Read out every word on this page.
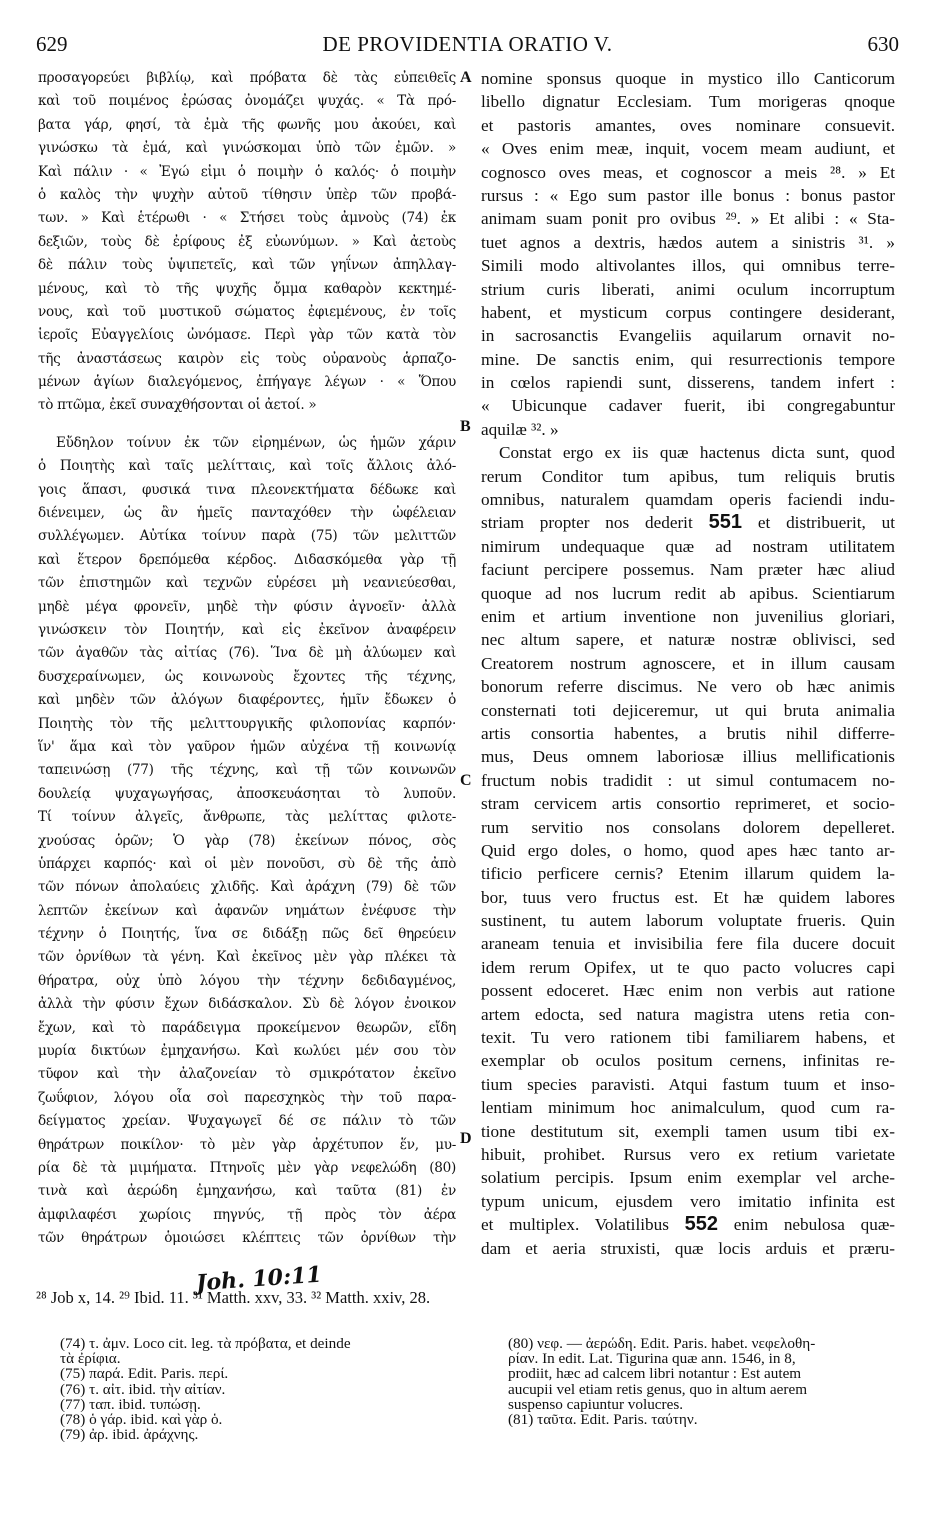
629	DE PROVIDENTIA ORATIO V.	630
προσαγορεύει βιβλίῳ, καὶ πρόβατα δὲ τὰς εὐπειθεῖς
καὶ τοῦ ποιμένος ἐρώσας ὀνομάζει ψυχάς. « Τὰ πρό-
βατα γάρ, φησί, τὰ ἐμὰ τῆς φωνῆς μου ἀκούει, καὶ
γινώσκω τὰ ἐμά, καὶ γινώσκομαι ὑπὸ τῶν ἐμῶν. »
Καὶ πάλιν · « Ἐγώ εἰμι ὁ ποιμὴν ὁ καλός· ὁ ποιμὴν
ὁ καλὸς τὴν ψυχὴν αὐτοῦ τίθησιν ὑπὲρ τῶν προβά-
των. » Καὶ ἑτέρωθι · « Στήσει τοὺς ἀμνοὺς (74) ἐκ
δεξιῶν, τοὺς δὲ ἐρίφους ἐξ εὐωνύμων. » Καὶ ἀετοὺς
δὲ πάλιν τοὺς ὑψιπετεῖς, καὶ τῶν γηΐνων ἀπηλλαγ-
μένους, καὶ τὸ τῆς ψυχῆς ὄμμα καθαρὸν κεκτημέ-
νους, καὶ τοῦ μυστικοῦ σώματος ἐφιεμένους, ἐν τοῖς
ἱεροῖς Εὐαγγελίοις ὠνόμασε. Περὶ γὰρ τῶν κατὰ τὸν
τῆς ἀναστάσεως καιρὸν εἰς τοὺς οὐρανοὺς ἁρπαζο-
μένων ἁγίων διαλεγόμενος, ἐπήγαγε λέγων · « Ὅπου
τὸ πτῶμα, ἐκεῖ συναχθήσονται οἱ ἀετοί. »
Εὔδηλον τοίνυν ἐκ τῶν εἰρημένων, ὡς ἡμῶν χάριν
ὁ Ποιητὴς καὶ ταῖς μελίτταις, καὶ τοῖς ἄλλοις ἀλό-
γοις ἅπασι, φυσικά τινα πλεονεκτήματα δέδωκε καὶ
διένειμεν, ὡς ἂν ἡμεῖς πανταχόθεν τὴν ὠφέλειαν
συλλέγωμεν. Αὐτίκα τοίνυν παρὰ (75) τῶν μελιττῶν
καὶ ἕτερον δρεπόμεθα κέρδος. Διδασκόμεθα γὰρ τῇ
τῶν ἐπιστημῶν καὶ τεχνῶν εὑρέσει μὴ νεανιεύεσθαι,
μηδὲ μέγα φρονεῖν, μηδὲ τὴν φύσιν ἀγνοεῖν· ἀλλὰ
γινώσκειν τὸν Ποιητήν, καὶ εἰς ἐκεῖνον ἀναφέρειν
τῶν ἀγαθῶν τὰς αἰτίας (76). Ἵνα δὲ μὴ ἀλύωμεν καὶ
δυσχεραίνωμεν, ὡς κοινωνοὺς ἔχοντες τῆς τέχνης,
καὶ μηδὲν τῶν ἀλόγων διαφέροντες, ἡμῖν ἔδωκεν ὁ
Ποιητὴς τὸν τῆς μελιττουργικῆς φιλοπονίας καρπόν·
ἵν' ἅμα καὶ τὸν γαῦρον ἡμῶν αὐχένα τῇ κοινωνίᾳ
ταπεινώσῃ (77) τῆς τέχνης, καὶ τῇ τῶν κοινωνῶν
δουλείᾳ ψυχαγωγήσας, ἀποσκευάσηται τὸ λυποῦν.
Τί τοίνυν ἀλγεῖς, ἄνθρωπε, τὰς μελίττας φιλοτε-
χνούσας ὁρῶν; Ὁ γὰρ (78) ἐκείνων πόνος, σὸς
ὑπάρχει καρπός· καὶ οἱ μὲν πονοῦσι, σὺ δὲ τῆς ἀπὸ
τῶν πόνων ἀπολαύεις χλιδῆς. Καὶ ἀράχνη (79) δὲ τῶν
λεπτῶν ἐκείνων καὶ ἀφανῶν νημάτων ἐνέφυσε τὴν
τέχνην ὁ Ποιητής, ἵνα σε διδάξῃ πῶς δεῖ θηρεύειν
τῶν ὀρνίθων τὰ γένη. Καὶ ἐκεῖνος μὲν γὰρ πλέκει τὰ
θήρατρα, οὐχ ὑπὸ λόγου τὴν τέχνην δεδιδαγμένος,
ἀλλὰ τὴν φύσιν ἔχων διδάσκαλον. Σὺ δὲ λόγον ἐνοικον
ἔχων, καὶ τὸ παράδειγμα προκείμενον θεωρῶν, εἴδη
μυρία δικτύων ἐμηχανήσω. Καὶ κωλύει μέν σου τὸν
τῦφον καὶ τὴν ἀλαζονείαν τὸ σμικρότατον ἐκεῖνο
ζωΰφιον, λόγου οἷα σοὶ παρεσχηκὸς τὴν τοῦ παρα-
δείγματος χρείαν. Ψυχαγωγεῖ δέ σε πάλιν τὸ τῶν
θηράτρων ποικίλον· τὸ μὲν γὰρ ἀρχέτυπον ἕν, μυ-
ρία δὲ τὰ μιμήματα. Πτηνοῖς μὲν γὰρ νεφελώδη (80)
τινὰ καὶ ἀερώδη ἐμηχανήσω, καὶ ταῦτα (81) ἐν
ἀμφιλαφέσι χωρίοις πηγνύς, τῇ πρὸς τὸν ἀέρα
τῶν θηράτρων ὁμοιώσει κλέπτεις τῶν ὀρνίθων τὴν
A
B
C
D
nomine sponsus quoque in mystico illo Canticorum
libello dignatur Ecclesiam. Tum morigeras qnoque
et pastoris amantes, oves nominare consuevit.
« Oves enim meæ, inquit, vocem meam audiunt, et
cognosco oves meas, et cognoscor a meis ²⁸. » Et
rursus : « Ego sum pastor ille bonus : bonus pastor
animam suam ponit pro ovibus ²⁹. » Et alibi : « Sta-
tuet agnos a dextris, hædos autem a sinistris ³¹. »
Simili modo altivolantes illos, qui omnibus terre-
strium curis liberati, animi oculum incorruptum
habent, et mysticum corpus contingere desiderant,
in sacrosanctis Evangeliis aquilarum ornavit no-
mine. De sanctis enim, qui resurrectionis tempore
in cœlos rapiendi sunt, disserens, tandem infert :
« Ubicunque cadaver fuerit, ibi congregabuntur
aquilæ ³². »
Constat ergo ex iis quæ hactenus dicta sunt, quod
rerum Conditor tum apibus, tum reliquis brutis
omnibus, naturalem quamdam operis faciendi indu-
striam propter nos dederit 551 et distribuerit, ut
nimirum undequaque quæ ad nostram utilitatem
faciunt percipere possemus. Nam præter hæc aliud
quoque ad nos lucrum redit ab apibus. Scientiarum
enim et artium inventione non juvenilius gloriari,
nec altum sapere, et naturæ nostræ oblivisci, sed
Creatorem nostrum agnoscere, et in illum causam
bonorum referre discimus. Ne vero ob hæc animis
consternati toti dejiceremur, ut qui bruta animalia
artis consortia habentes, a brutis nihil differre-
mus, Deus omnem laboriosæ illius mellificationis
fructum nobis tradidit : ut simul contumacem no-
stram cervicem artis consortio reprimeret, et socio-
rum servitio nos consolans dolorem depelleret.
Quid ergo doles, o homo, quod apes hæc tanto ar-
tificio perficere cernis? Etenim illarum quidem la-
bor, tuus vero fructus est. Et hæ quidem labores
sustinent, tu autem laborum voluptate frueris. Quin
araneam tenuia et invisibilia fere fila ducere docuit
idem rerum Opifex, ut te quo pacto volucres capi
possent edoceret. Hæc enim non verbis aut ratione
artem edocta, sed natura magistra utens retia con-
texit. Tu vero rationem tibi familiarem habens, et
exemplar ob oculos positum cernens, infinitas re-
tium species paravisti. Atqui fastum tuum et inso-
lentiam minimum hoc animalculum, quod cum ra-
tione destitutum sit, exempli tamen usum tibi ex-
hibuit, prohibet. Rursus vero ex retium varietate
solatium percipis. Ipsum enim exemplar vel arche-
typum unicum, ejusdem vero imitatio infinita est
et multiplex. Volatilibus 552 enim nebulosa quæ-
dam et aeria struxisti, quæ locis arduis et præru-
²⁸ Job x, 14. ²⁹ Ibid. 11. ³¹ Matth. xxv, 33. ³² Matth. xxiv, 28.
Joh. 10:11
(74) τ. ἀμν. Loco cit. leg. τὰ πρόβατα, et deinde
τὰ ἐρίφια.
(75) παρά. Edit. Paris. περί.
(76) τ. αἰτ. ibid. τὴν αἰτίαν.
(77) ταπ. ibid. τυπώσῃ.
(78) ὁ γάρ. ibid. καὶ γὰρ ὁ.
(79) ἀρ. ibid. ἀράχνης.
(80) νεφ. — ἀερώδη. Edit. Paris. habet. νεφελοθη-
ρίαν. In edit. Lat. Tigurina quæ ann. 1546, in 8,
prodiit, hæc ad calcem libri notantur : Est autem
aucupii vel etiam retis genus, quo in altum aerem
suspenso capiuntur volucres.
(81) ταῦτα. Edit. Paris. ταύτην.
